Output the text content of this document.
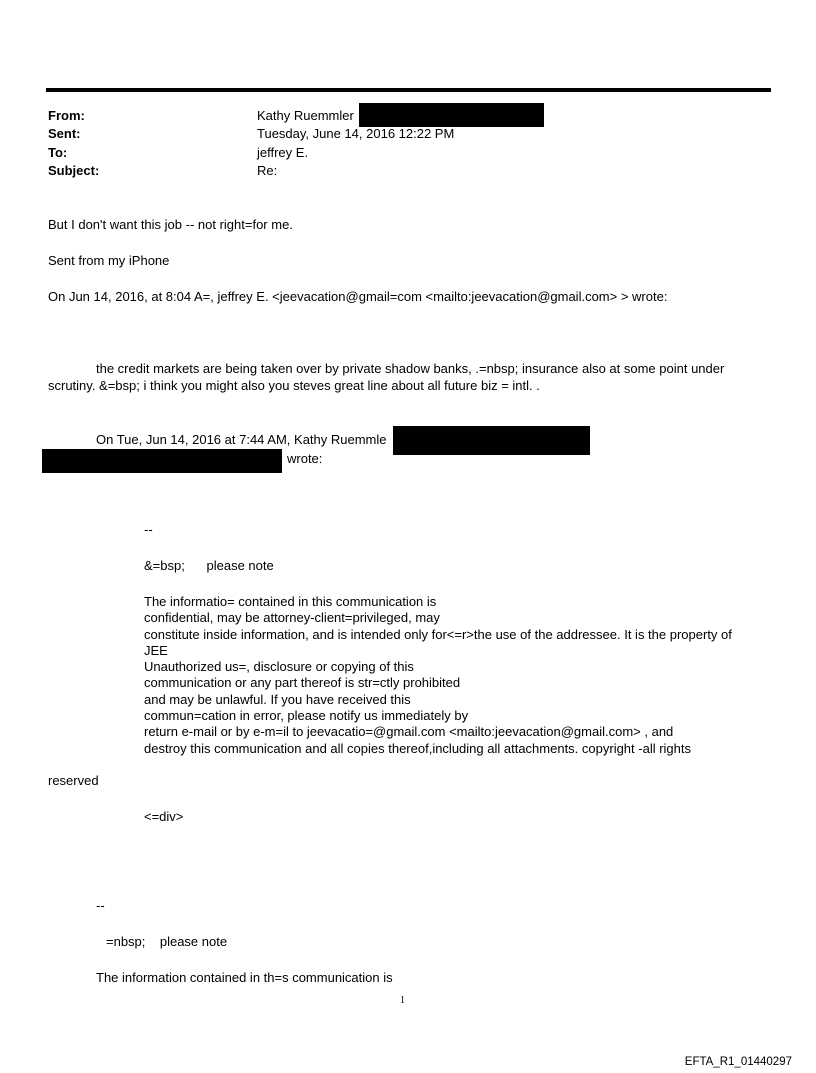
From:	Kathy Ruemmler
Sent:	Tuesday, June 14, 2016 12:22 PM
To:	jeffrey E.
Subject:	Re:
But I don't want this job -- not right=for me.
Sent from my iPhone
On Jun 14, 2016, at 8:04 A=, jeffrey E. <jeevacation@gmail=com <mailto:jeevacation@gmail.com> > wrote:
the credit markets are being taken over by private shadow banks, .=nbsp; insurance also at some point under
scrutiny. &=bsp; i think you might also you steves great line about all future biz = intl. .
On Tue, Jun 14, 2016 at 7:44 AM, Kathy Ruemmle
wrote:
--
&=bsp;      please note
The informatio= contained in this communication is
confidential, may be attorney-client=privileged, may
constitute inside information, and is intended only for<=r>the use of the addressee. It is the property of
JEE
Unauthorized us=, disclosure or copying of this
communication or any part thereof is str=ctly prohibited
and may be unlawful. If you have received this
commun=cation in error, please notify us immediately by
return e-mail or by e-m=il to jeevacatio=@gmail.com <mailto:jeevacation@gmail.com> , and
destroy this communication and all copies thereof,including all attachments. copyright -all rights
reserved
<=div>
--
=nbsp;    please note
The information contained in th=s communication is
1
EFTA_R1_01440297
